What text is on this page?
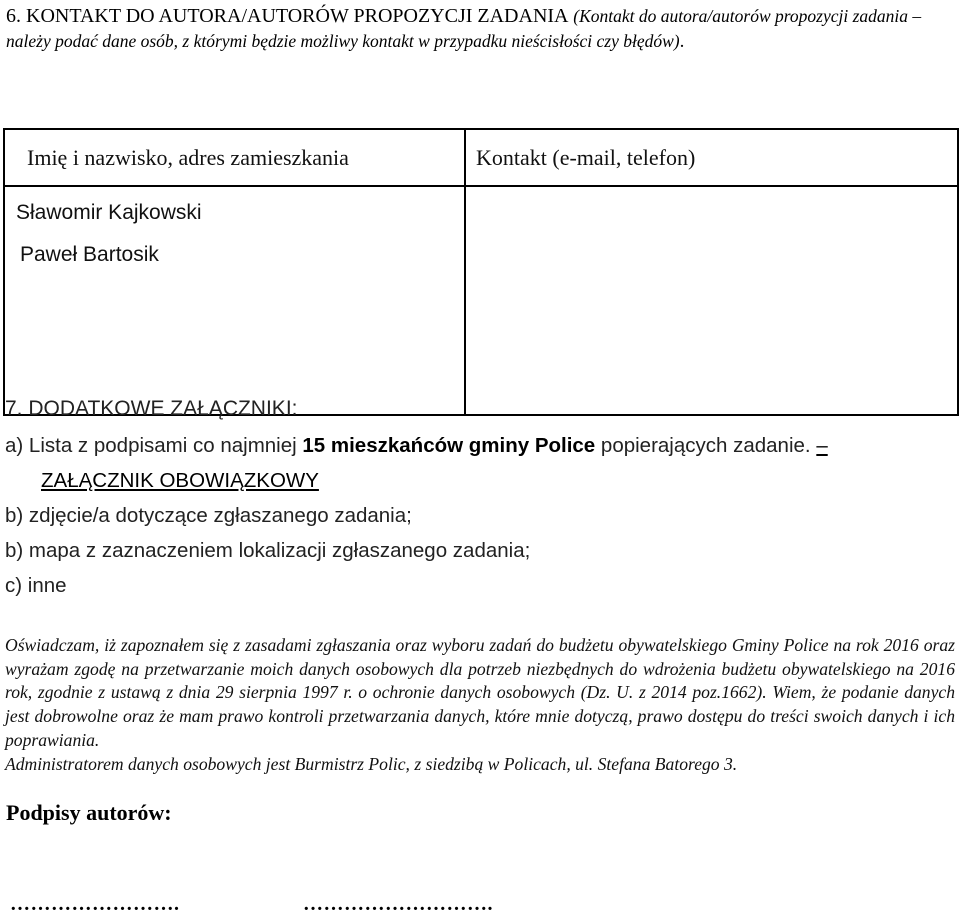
6. KONTAKT DO AUTORA/AUTORÓW PROPOZYCJI ZADANIA (Kontakt do autora/autorów propozycji zadania – należy podać dane osób, z którymi będzie możliwy kontakt w przypadku nieścisłości czy błędów).

Imię i nazwisko, adres zamieszkania	Kontakt (e-mail, telefon)
Sławomir Kajkowski	

Paweł Bartosik	
7. DODATKOWE ZAŁĄCZNIKI:
a) Lista z podpisami co najmniej 15 mieszkańców gminy Police popierających zadanie. –
ZAŁĄCZNIK OBOWIĄZKOWY
b) zdjęcie/a dotyczące zgłaszanego zadania;
b) mapa z zaznaczeniem lokalizacji zgłaszanego zadania;
c) inne

Oświadczam, iż zapoznałem się z zasadami zgłaszania oraz wyboru zadań do budżetu obywatelskiego Gminy Police na rok 2016 oraz wyrażam zgodę na przetwarzanie moich danych osobowych dla potrzeb niezbędnych do wdrożenia budżetu obywatelskiego na 2016 rok, zgodnie z ustawą z dnia 29 sierpnia 1997 r. o ochronie danych osobowych (Dz. U. z 2014 poz.1662). Wiem, że podanie danych jest dobrowolne oraz że mam prawo kontroli przetwarzania danych, które mnie dotyczą, prawo dostępu do treści swoich danych i ich poprawiania.
Administratorem danych osobowych jest Burmistrz Polic, z siedzibą w Policach, ul. Stefana Batorego 3.

Podpisy autorów:

…………………….	……………………….
